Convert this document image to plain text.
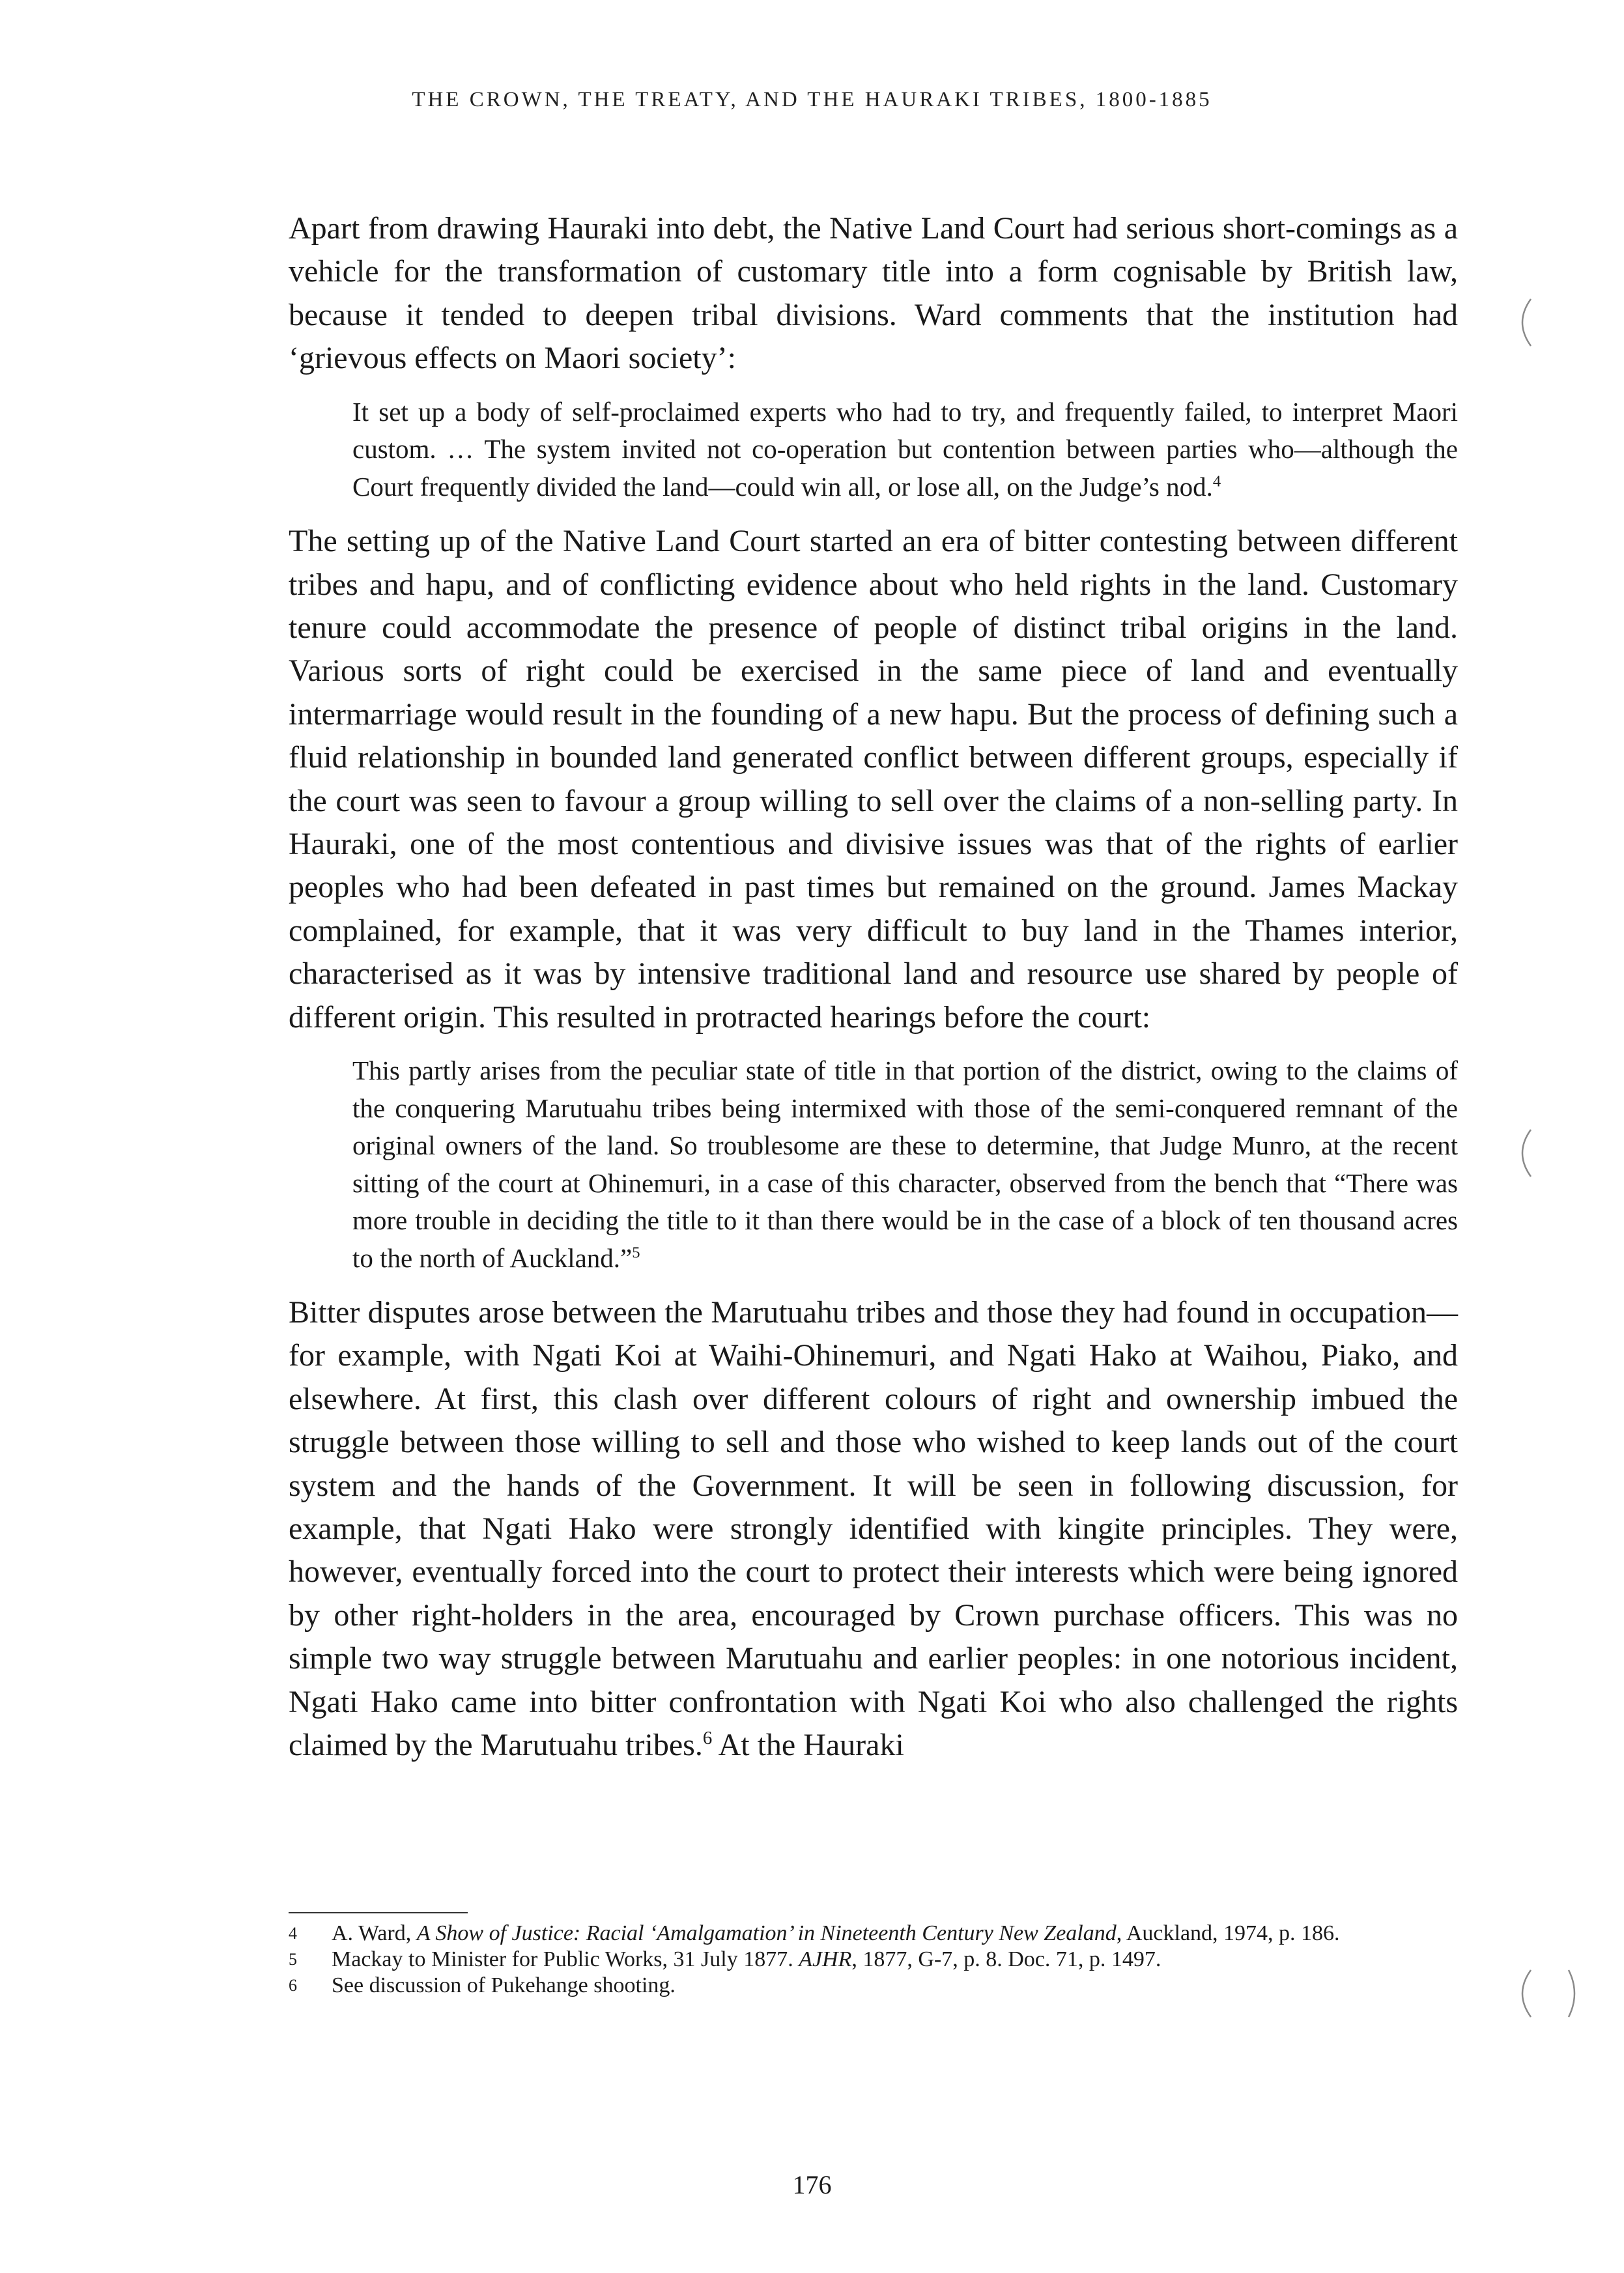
THE CROWN, THE TREATY, AND THE HAURAKI TRIBES, 1800-1885

Apart from drawing Hauraki into debt, the Native Land Court had serious short-comings as a vehicle for the transformation of customary title into a form cognisable by British law, because it tended to deepen tribal divisions. Ward comments that the institution had ‘grievous effects on Maori society’:

It set up a body of self-proclaimed experts who had to try, and frequently failed, to interpret Maori custom. … The system invited not co-operation but contention between parties who—although the Court frequently divided the land—could win all, or lose all, on the Judge’s nod.$^4$

The setting up of the Native Land Court started an era of bitter contesting between different tribes and hapu, and of conflicting evidence about who held rights in the land. Customary tenure could accommodate the presence of people of distinct tribal origins in the land. Various sorts of right could be exercised in the same piece of land and eventually intermarriage would result in the founding of a new hapu. But the process of defining such a fluid relationship in bounded land generated conflict between different groups, especially if the court was seen to favour a group willing to sell over the claims of a non-selling party. In Hauraki, one of the most contentious and divisive issues was that of the rights of earlier peoples who had been defeated in past times but remained on the ground. James Mackay complained, for example, that it was very difficult to buy land in the Thames interior, characterised as it was by intensive traditional land and resource use shared by people of different origin. This resulted in protracted hearings before the court:

This partly arises from the peculiar state of title in that portion of the district, owing to the claims of the conquering Marutuahu tribes being intermixed with those of the semi-conquered remnant of the original owners of the land. So troublesome are these to determine, that Judge Munro, at the recent sitting of the court at Ohinemuri, in a case of this character, observed from the bench that “There was more trouble in deciding the title to it than there would be in the case of a block of ten thousand acres to the north of Auckland.”$^5$

Bitter disputes arose between the Marutuahu tribes and those they had found in occupation—for example, with Ngati Koi at Waihi-Ohinemuri, and Ngati Hako at Waihou, Piako, and elsewhere. At first, this clash over different colours of right and ownership imbued the struggle between those willing to sell and those who wished to keep lands out of the court system and the hands of the Government. It will be seen in following discussion, for example, that Ngati Hako were strongly identified with kingite principles. They were, however, eventually forced into the court to protect their interests which were being ignored by other right-holders in the area, encouraged by Crown purchase officers. This was no simple two way struggle between Marutuahu and earlier peoples: in one notorious incident, Ngati Hako came into bitter confrontation with Ngati Koi who also challenged the rights claimed by the Marutuahu tribes.$^6$ At the Hauraki

4 A. Ward, A Show of Justice: Racial ‘Amalgamation’ in Nineteenth Century New Zealand, Auckland, 1974, p. 186.

5 Mackay to Minister for Public Works, 31 July 1877. AJHR, 1877, G-7, p. 8. Doc. 71, p. 1497.

6 See discussion of Pukehange shooting.

176
